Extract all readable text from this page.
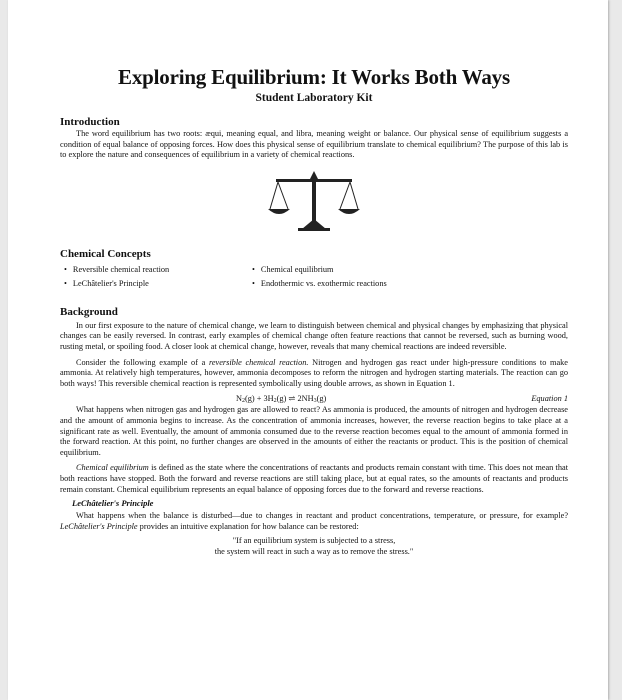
Exploring Equilibrium: It Works Both Ways
Student Laboratory Kit
Introduction

The word equilibrium has two roots: æqui, meaning equal, and libra, meaning weight or balance. Our physical sense of equilibrium suggests a condition of equal balance of opposing forces. How does this physical sense of equilibrium translate to chemical equilibrium? The purpose of this lab is to explore the nature and consequences of equilibrium in a variety of chemical reactions.

Chemical Concepts
• Reversible chemical reaction
• LeChâtelier's Principle
• Chemical equilibrium
• Endothermic vs. exothermic reactions
Background

In our first exposure to the nature of chemical change, we learn to distinguish between chemical and physical changes by emphasizing that physical changes can be easily reversed. In contrast, early examples of chemical change often feature reactions that cannot be reversed, such as burning wood, rusting metal, or spoiling food. A closer look at chemical change, however, reveals that many chemical reactions are indeed reversible.

Consider the following example of a reversible chemical reaction. Nitrogen and hydrogen gas react under high-pressure conditions to make ammonia. At relatively high temperatures, however, ammonia decomposes to reform the nitrogen and hydrogen starting materials. The reaction can go both ways! This reversible chemical reaction is represented symbolically using double arrows, as shown in Equation 1.

N2(g) + 3H2(g) ⇌ 2NH3(g)	Equation 1

What happens when nitrogen gas and hydrogen gas are allowed to react? As ammonia is produced, the amounts of nitrogen and hydrogen decrease and the amount of ammonia begins to increase. As the concentration of ammonia increases, however, the reverse reaction begins to take place at a significant rate as well. Eventually, the amount of ammonia consumed due to the reverse reaction becomes equal to the amount of ammonia formed in the forward reaction. At this point, no further changes are observed in the amounts of either the reactants or product. This is the position of chemical equilibrium.

Chemical equilibrium is defined as the state where the concentrations of reactants and products remain constant with time. This does not mean that both reactions have stopped. Both the forward and reverse reactions are still taking place, but at equal rates, so the amounts of reactants and products remain constant. Chemical equilibrium represents an equal balance of opposing forces due to the forward and reverse reactions.

LeChâtelier's Principle

What happens when the balance is disturbed—due to changes in reactant and product concentrations, temperature, or pressure, for example? LeChâtelier's Principle provides an intuitive explanation for how balance can be restored:

"If an equilibrium system is subjected to a stress,
the system will react in such a way as to remove the stress."
